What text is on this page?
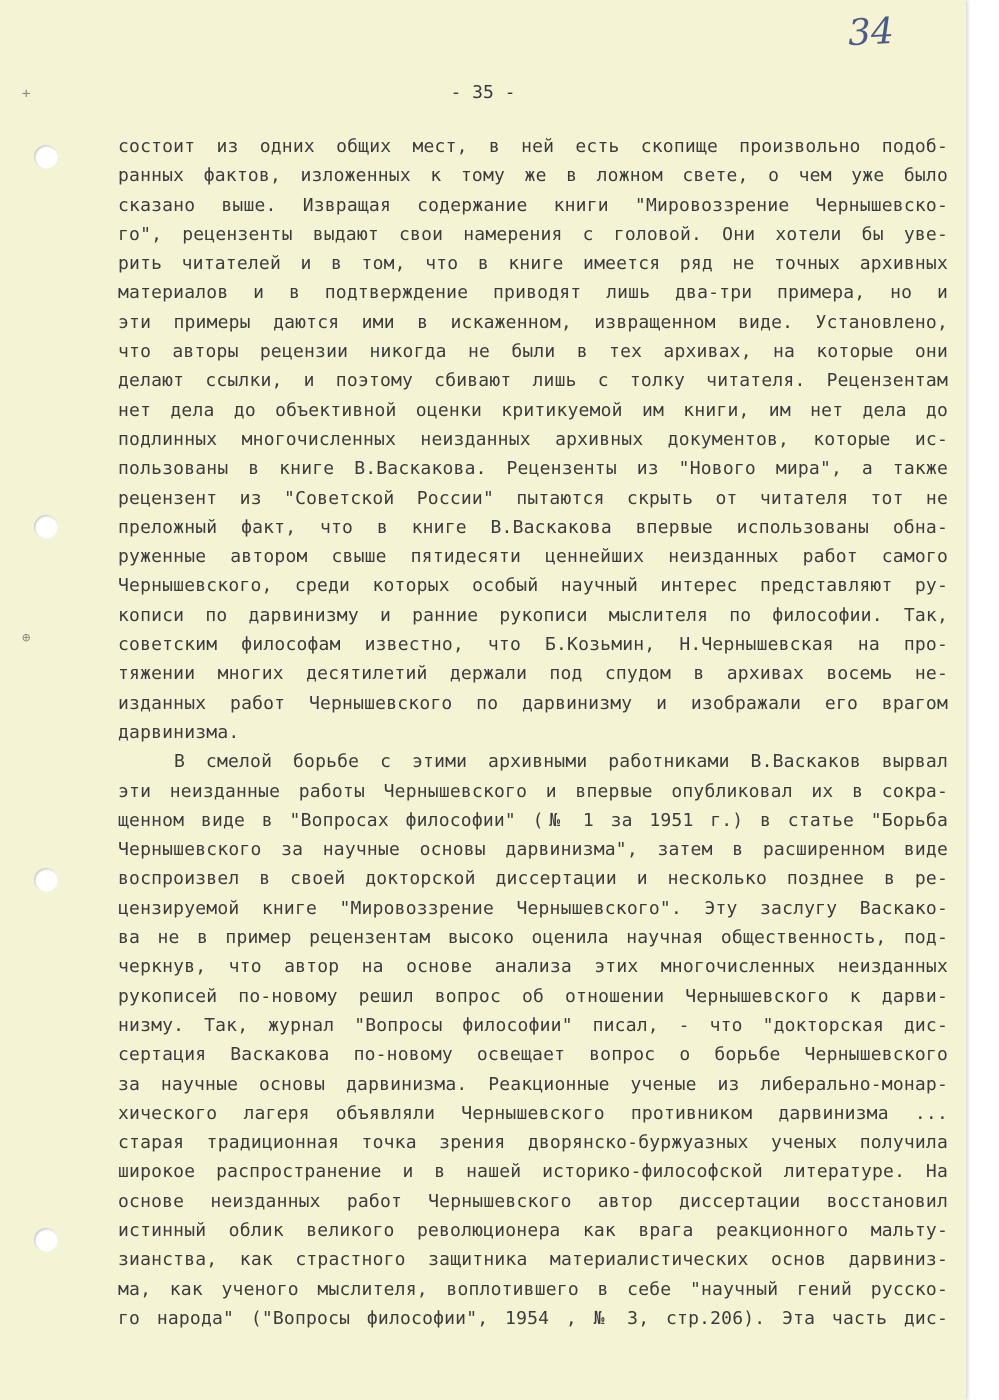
+
⊕
34
- 35 -
состоит из одних общих мест, в ней есть скопище произвольно подоб-
ранных фактов, изложенных к тому же в ложном свете, о чем уже было
сказано выше. Извращая содержание книги "Мировоззрение Чернышевско-
го", рецензенты выдают свои намерения с головой. Они хотели бы уве-
рить читателей и в том, что в книге имеется ряд не точных архивных
материалов и в подтверждение приводят лишь два-три примера, но и
эти примеры даются ими в искаженном, извращенном виде. Установлено,
что авторы рецензии никогда не были в тех архивах, на которые они
делают ссылки, и поэтому сбивают лишь с толку читателя. Рецензентам
нет дела до объективной оценки критикуемой им книги, им нет дела до
подлинных многочисленных неизданных архивных документов, которые ис-
пользованы в книге В.Васкакова. Рецензенты из "Нового мира", а также
рецензент из "Советской России" пытаются скрыть от читателя тот не
преложный факт, что в книге В.Васкакова впервые использованы обна-
руженные автором свыше пятидесяти ценнейших неизданных работ самого
Чернышевского, среди которых особый научный интерес представляют ру-
кописи по дарвинизму и ранние рукописи мыслителя по философии. Так,
советским философам известно, что Б.Козьмин, Н.Чернышевская на про-
тяжении многих десятилетий держали под спудом в архивах восемь не-
изданных работ Чернышевского по дарвинизму и изображали его врагом
дарвинизма.
В смелой борьбе с этими архивными работниками В.Васкаков вырвал
эти неизданные работы Чернышевского и впервые опубликовал их в сокра-
щенном виде в "Вопросах философии" (№ 1 за 1951 г.) в статье "Борьба
Чернышевского за научные основы дарвинизма", затем в расширенном виде
воспроизвел в своей докторской диссертации и несколько позднее в ре-
цензируемой книге "Мировоззрение Чернышевского". Эту заслугу Васкако-
ва не в пример рецензентам высоко оценила научная общественность, под-
черкнув, что автор на основе анализа этих многочисленных неизданных
рукописей по-новому решил вопрос об отношении Чернышевского к дарви-
низму. Так, журнал "Вопросы философии" писал, - что "докторская дис-
сертация Васкакова по-новому освещает вопрос о борьбе Чернышевского
за научные основы дарвинизма. Реакционные ученые из либерально-монар-
хического лагеря объявляли Чернышевского противником дарвинизма ...
старая традиционная точка зрения дворянско-буржуазных ученых получила
широкое распространение и в нашей историко-философской литературе. На
основе неизданных работ Чернышевского автор диссертации восстановил
истинный облик великого революционера как врага реакционного мальту-
зианства, как страстного защитника материалистических основ дарвиниз-
ма, как ученого мыслителя, воплотившего в себе "научный гений русско-
го народа" ("Вопросы философии", 1954 , № 3, стр.206). Эта часть дис-
